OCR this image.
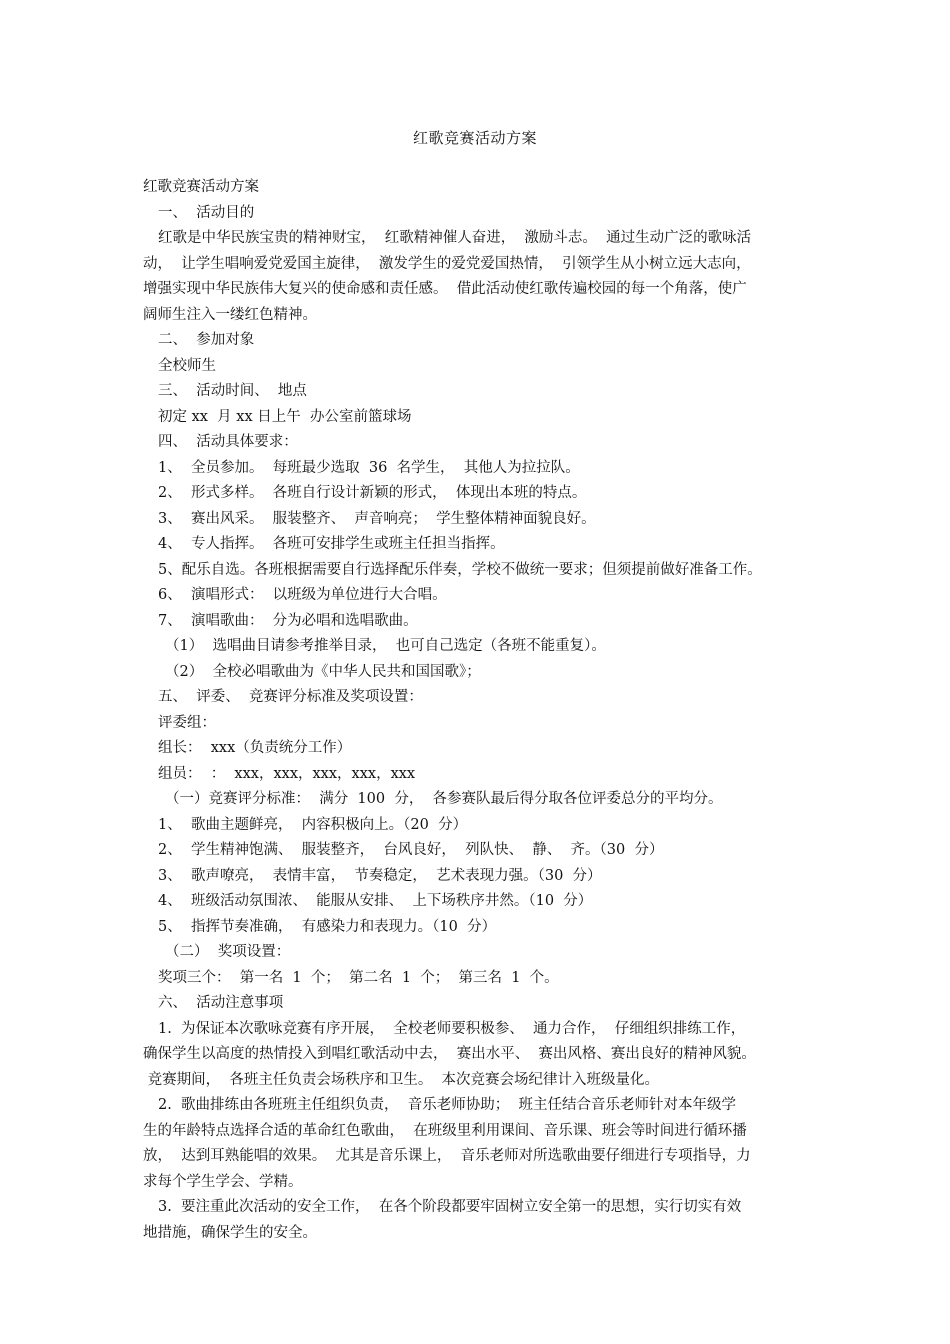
红歌竞赛活动方案
红歌竞赛活动方案
一、  活动目的
红歌是中华民族宝贵的精神财宝，  红歌精神催人奋进，  激励斗志。  通过生动广泛的歌咏活
动，  让学生唱响爱党爱国主旋律，  激发学生的爱党爱国热情，  引领学生从小树立远大志向，
增强实现中华民族伟大复兴的使命感和责任感。  借此活动使红歌传遍校园的每一个角落，使广
阔师生注入一缕红色精神。
二、  参加对象
全校师生
三、  活动时间、  地点
初定 xx  月 xx 日上午  办公室前篮球场
四、  活动具体要求：
1、  全员参加。  每班最少选取  36  名学生，  其他人为拉拉队。
2、  形式多样。  各班自行设计新颖的形式，  体现出本班的特点。
3、  赛出风采。  服装整齐、  声音响亮；  学生整体精神面貌良好。
4、  专人指挥。  各班可安排学生或班主任担当指挥。
5、配乐自选。各班根据需要自行选择配乐伴奏，学校不做统一要求；但须提前做好准备工作。
6、  演唱形式：  以班级为单位进行大合唱。
7、  演唱歌曲：  分为必唱和选唱歌曲。
（1）  选唱曲目请参考推举目录，  也可自己选定（各班不能重复）。
（2）  全校必唱歌曲为《中华人民共和国国歌》；
五、  评委、  竞赛评分标准及奖项设置：
评委组：
组长：  xxx（负责统分工作）
组员：  ：  xxx，xxx，xxx，xxx，xxx
（一）竞赛评分标准：  满分  100  分，  各参赛队最后得分取各位评委总分的平均分。
1、  歌曲主题鲜亮，  内容积极向上。（20  分）
2、  学生精神饱满、  服装整齐，  台风良好，  列队快、  静、  齐。（30  分）
3、  歌声嘹亮，  表情丰富，  节奏稳定，  艺术表现力强。（30  分）
4、  班级活动氛围浓、  能服从安排、  上下场秩序井然。（10  分）
5、  指挥节奏准确，  有感染力和表现力。（10  分）
（二）  奖项设置：
奖项三个：  第一名  1  个；  第二名  1  个；  第三名  1  个。
六、  活动注意事项
1.  为保证本次歌咏竞赛有序开展，  全校老师要积极参、  通力合作，  仔细组织排练工作，
确保学生以高度的热情投入到唱红歌活动中去，  赛出水平、  赛出风格、赛出良好的精神风貌。
竞赛期间，  各班主任负责会场秩序和卫生。  本次竞赛会场纪律计入班级量化。
2.  歌曲排练由各班班主任组织负责，  音乐老师协助；  班主任结合音乐老师针对本年级学
生的年龄特点选择合适的革命红色歌曲，  在班级里利用课间、音乐课、班会等时间进行循环播
放，  达到耳熟能唱的效果。  尤其是音乐课上，  音乐老师对所选歌曲要仔细进行专项指导，力
求每个学生学会、学精。
3.  要注重此次活动的安全工作，  在各个阶段都要牢固树立安全第一的思想，实行切实有效
地措施，确保学生的安全。
